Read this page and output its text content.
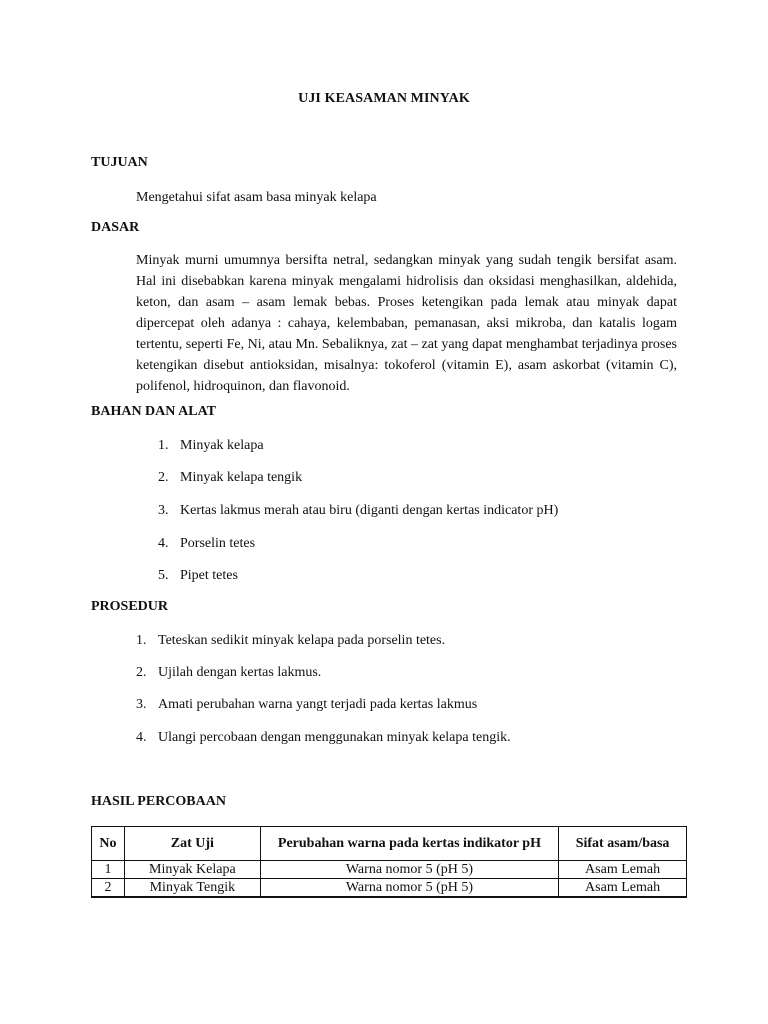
UJI KEASAMAN MINYAK
TUJUAN
Mengetahui sifat asam basa minyak kelapa
DASAR
Minyak murni umumnya bersifta netral, sedangkan minyak yang sudah tengik bersifat asam. Hal ini disebabkan karena minyak mengalami hidrolisis dan oksidasi menghasilkan, aldehida, keton, dan asam – asam lemak bebas. Proses ketengikan pada lemak atau minyak dapat dipercepat oleh adanya : cahaya, kelembaban, pemanasan, aksi mikroba, dan katalis logam tertentu, seperti Fe, Ni, atau Mn. Sebaliknya, zat – zat yang dapat menghambat terjadinya proses ketengikan disebut antioksidan, misalnya: tokoferol (vitamin E), asam askorbat (vitamin C), polifenol, hidroquinon, dan flavonoid.
BAHAN DAN ALAT
1. Minyak kelapa
2. Minyak kelapa tengik
3. Kertas lakmus merah atau biru (diganti dengan kertas indicator pH)
4. Porselin tetes
5. Pipet tetes
PROSEDUR
1. Teteskan sedikit minyak kelapa pada porselin tetes.
2. Ujilah dengan kertas lakmus.
3. Amati perubahan warna yangt terjadi pada kertas lakmus
4. Ulangi percobaan dengan menggunakan minyak kelapa tengik.
HASIL PERCOBAAN
No	Zat Uji	Perubahan warna pada kertas indikator pH	Sifat asam/basa
1	Minyak Kelapa	Warna nomor 5 (pH 5)	Asam Lemah
2	Minyak Tengik	Warna nomor 5 (pH 5)	Asam Lemah
